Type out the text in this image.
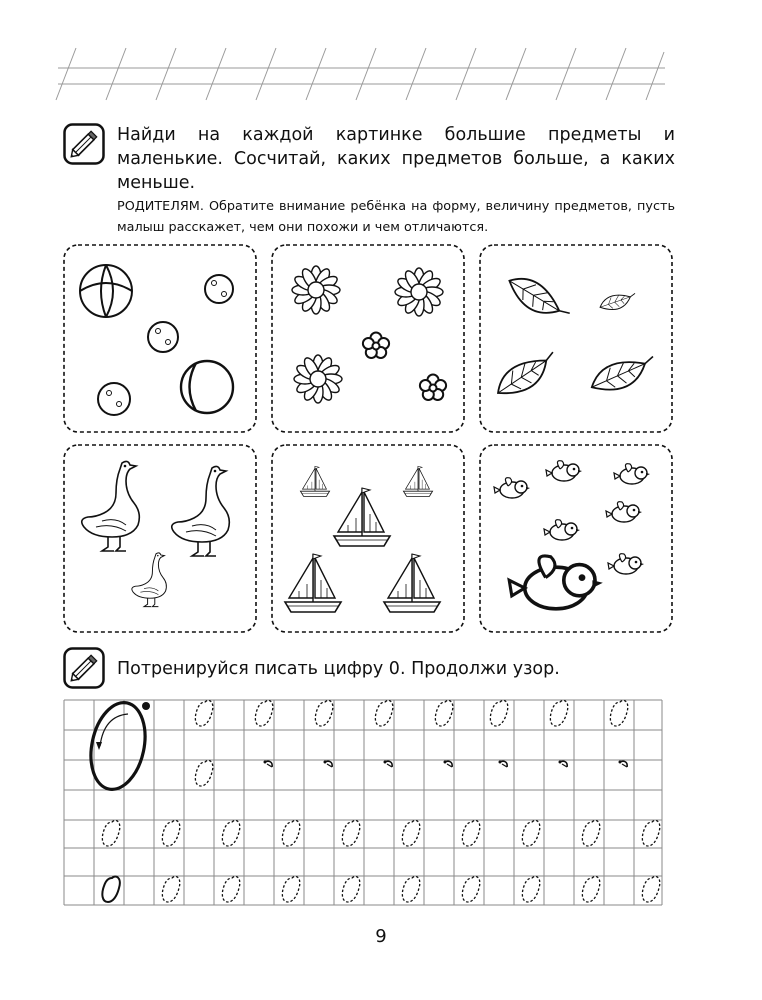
Найди на каждой картинке большие предметы и маленькие. Сосчитай, каких предметов больше, а каких меньше.
РОДИТЕЛЯМ. Обратите внимание ребёнка на форму, величину предметов, пусть малыш расскажет, чем они похожи и чем отличаются.
Потренируйся писать цифру 0. Продолжи узор.
9
